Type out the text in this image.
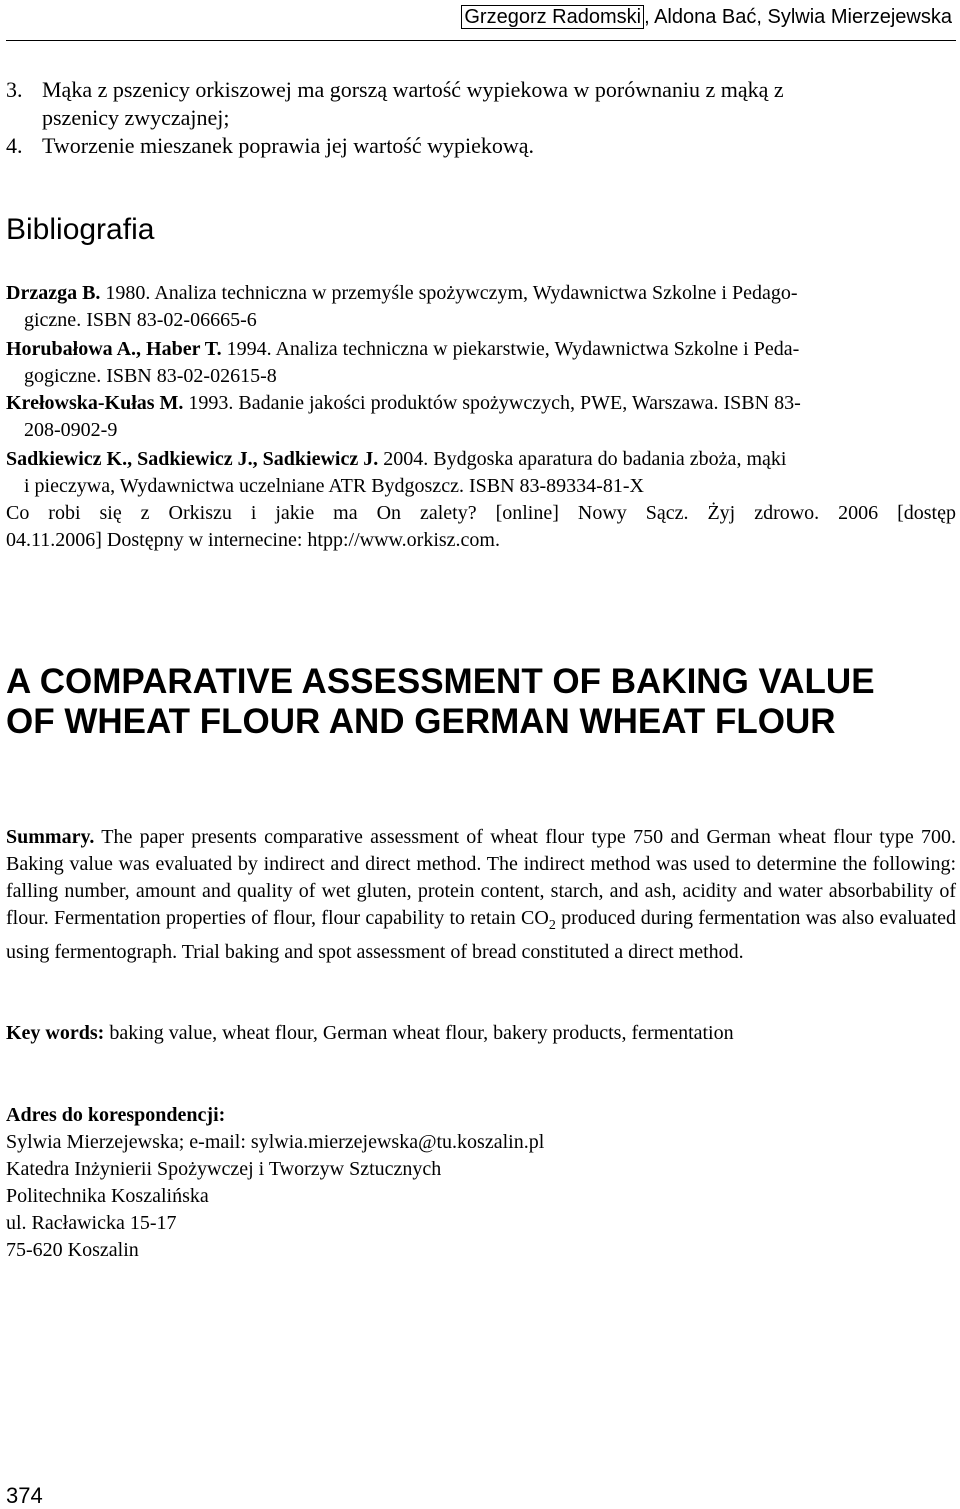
Grzegorz Radomski , Aldona Bać, Sylwia Mierzejewska
3. Mąka z pszenicy orkiszowej ma gorszą wartość wypiekowa w porównaniu z mąką z
pszenicy zwyczajnej;
4. Tworzenie mieszanek poprawia jej wartość wypiekową.
Bibliografia
Drzazga B. 1980. Analiza techniczna w przemyśle spożywczym, Wydawnictwa Szkolne i Pedago-
giczne. ISBN 83-02-06665-6
Horubałowa A., Haber T. 1994. Analiza techniczna w piekarstwie, Wydawnictwa Szkolne i Peda-
gogiczne. ISBN 83-02-02615-8
Krełowska-Kułas M. 1993. Badanie jakości produktów spożywczych, PWE, Warszawa. ISBN 83-
208-0902-9
Sadkiewicz K., Sadkiewicz J., Sadkiewicz J. 2004. Bydgoska aparatura do badania zboża, mąki
i pieczywa, Wydawnictwa uczelniane ATR Bydgoszcz. ISBN 83-89334-81-X
Co robi się z Orkiszu i jakie ma On zalety? [online] Nowy Sącz. Żyj zdrowo. 2006 [dostęp
04.11.2006] Dostępny w internecine: htpp://www.orkisz.com.
A COMPARATIVE ASSESSMENT OF BAKING VALUE
OF WHEAT FLOUR AND GERMAN WHEAT FLOUR
Summary. The paper presents comparative assessment of wheat flour type 750 and German wheat flour type 700. Baking value was evaluated by indirect and direct method. The indirect method was used to determine the following: falling number, amount and quality of wet gluten, protein content, starch, and ash, acidity and water absorbability of flour. Fermentation properties of flour, flour capability to retain $CO_2$ produced during fermentation was also evaluated using fermentograph. Trial baking and spot assessment of bread constituted a direct method.
Key words: baking value, wheat flour, German wheat flour, bakery products, fermentation
Adres do korespondencji:
Sylwia Mierzejewska; e-mail: sylwia.mierzejewska@tu.koszalin.pl
Katedra Inżynierii Spożywczej i Tworzyw Sztucznych
Politechnika Koszalińska
ul. Racławicka 15-17
75-620 Koszalin
374
